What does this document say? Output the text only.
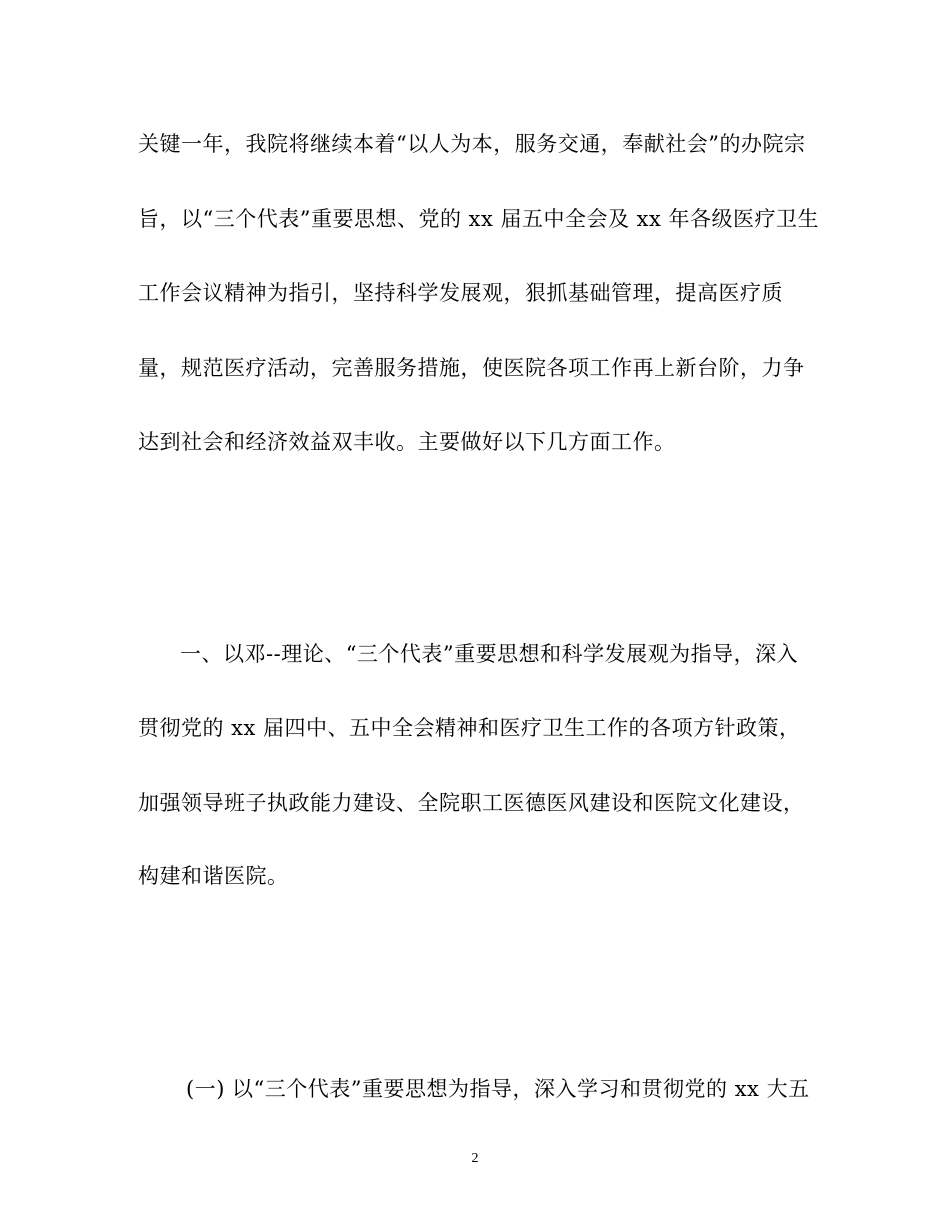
关键一年，我院将继续本着“以人为本，服务交通，奉献社会”的办院宗
旨，以“三个代表”重要思想、党的 xx 届五中全会及 xx 年各级医疗卫生
工作会议精神为指引，坚持科学发展观，狠抓基础管理，提高医疗质
量，规范医疗活动，完善服务措施，使医院各项工作再上新台阶，力争
达到社会和经济效益双丰收。主要做好以下几方面工作。
一、以邓--理论、“三个代表”重要思想和科学发展观为指导，深入
贯彻党的 xx 届四中、五中全会精神和医疗卫生工作的各项方针政策，
加强领导班子执政能力建设、全院职工医德医风建设和医院文化建设，
构建和谐医院。
(一) 以“三个代表”重要思想为指导，深入学习和贯彻党的 xx 大五
2
